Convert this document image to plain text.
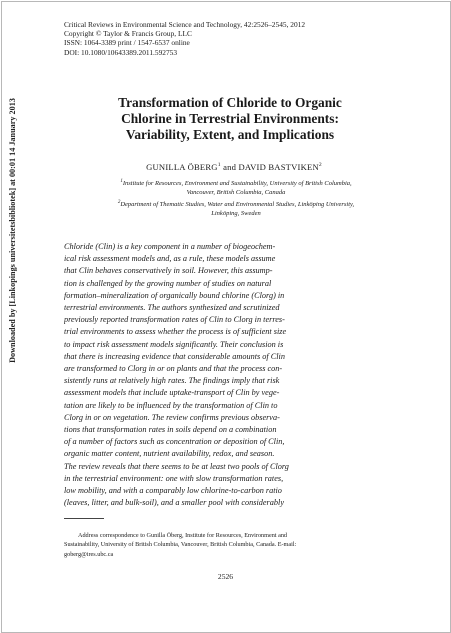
Downloaded by [Linkopings universitetsbibliotek] at 00:01 14 January 2013
Critical Reviews in Environmental Science and Technology, 42:2526–2545, 2012
Copyright © Taylor & Francis Group, LLC
ISSN: 1064-3389 print / 1547-6537 online
DOI: 10.1080/10643389.2011.592753
Transformation of Chloride to Organic
Chlorine in Terrestrial Environments:
Variability, Extent, and Implications
GUNILLA ÖBERG$^1$ and DAVID BASTVIKEN$^2$
$^1$Institute for Resources, Environment and Sustainability, University of British Columbia,
Vancouver, British Columbia, Canada
$^2$Department of Thematic Studies, Water and Environmental Studies, Linköping University,
Linköping, Sweden
Chloride (Clin) is a key component in a number of biogeochem-
ical risk assessment models and, as a rule, these models assume
that Clin behaves conservatively in soil. However, this assump-
tion is challenged by the growing number of studies on natural
formation–mineralization of organically bound chlorine (Clorg) in
terrestrial environments. The authors synthesized and scrutinized
previously reported transformation rates of Clin to Clorg in terres-
trial environments to assess whether the process is of sufficient size
to impact risk assessment models significantly. Their conclusion is
that there is increasing evidence that considerable amounts of Clin
are transformed to Clorg in or on plants and that the process con-
sistently runs at relatively high rates. The findings imply that risk
assessment models that include uptake-transport of Clin by vege-
tation are likely to be influenced by the transformation of Clin to
Clorg in or on vegetation. The review confirms previous observa-
tions that transformation rates in soils depend on a combination
of a number of factors such as concentration or deposition of Clin,
organic matter content, nutrient availability, redox, and season.
The review reveals that there seems to be at least two pools of Clorg
in the terrestrial environment: one with slow transformation rates,
low mobility, and with a comparably low chlorine-to-carbon ratio
(leaves, litter, and bulk-soil), and a smaller pool with considerably
Address correspondence to Gunilla Öberg, Institute for Resources, Environment and
Sustainability, University of British Columbia, Vancouver, British Columbia, Canada. E-mail:
goberg@ires.ubc.ca
2526
